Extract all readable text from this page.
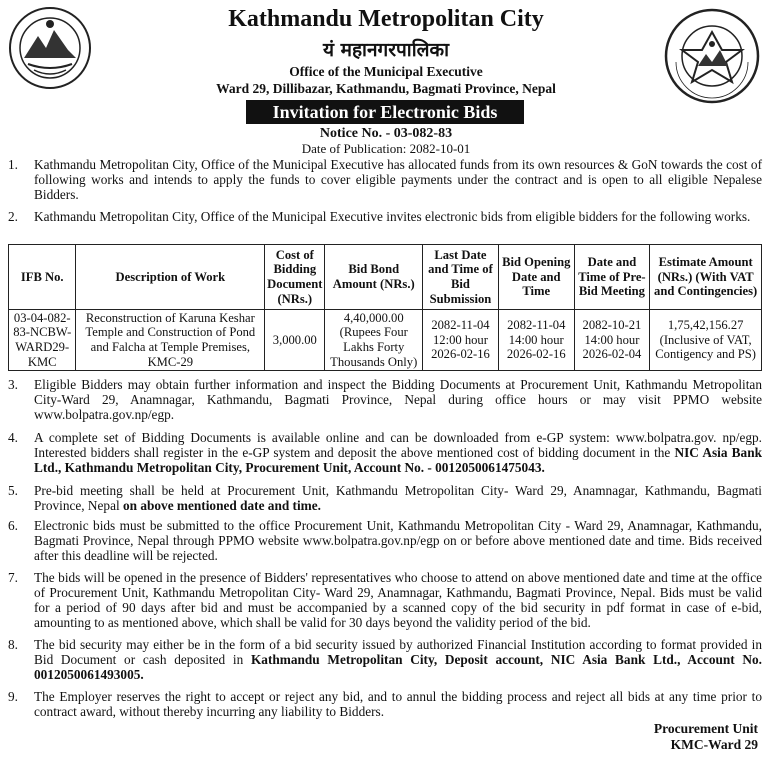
Kathmandu Metropolitan City
यं महानगरपालिका
Office of the Municipal Executive
Ward 29, Dillibazar, Kathmandu, Bagmati Province, Nepal
Invitation for Electronic Bids
Notice No. - 03-082-83
Date of Publication: 2082-10-01
1.	Kathmandu Metropolitan City, Office of the Municipal Executive has allocated funds from its own resources & GoN towards the cost of following works and intends to apply the funds to cover eligible payments under the contract and is open to all eligible Nepalese Bidders.
2.	Kathmandu Metropolitan City, Office of the Municipal Executive invites electronic bids from eligible bidders for the following works.
IFB No.	Description of Work	Cost of Bidding Document (NRs.)	Bid Bond Amount (NRs.)	Last Date and Time of Bid Submission	Bid Opening Date and Time	Date and Time of Pre-Bid Meeting	Estimate Amount (NRs.) (With VAT and Contingencies)
03-04-082-83-NCBW-WARD29-KMC	Reconstruction of Karuna Keshar Temple and Construction of Pond and Falcha at Temple Premises, KMC-29	3,000.00	4,40,000.00 (Rupees Four Lakhs Forty Thousands Only)	2082-11-04 12:00 hour 2026-02-16	2082-11-04 14:00 hour 2026-02-16	2082-10-21 14:00 hour 2026-02-04	1,75,42,156.27 (Inclusive of VAT, Contigency and PS)
3.	Eligible Bidders may obtain further information and inspect the Bidding Documents at Procurement Unit, Kathmandu Metropolitan City-Ward 29, Anamnagar, Kathmandu, Bagmati Province, Nepal during office hours or may visit PPMO website www.bolpatra.gov.np/egp.
4.	A complete set of Bidding Documents is available online and can be downloaded from e-GP system: www.bolpatra.gov. np/egp. Interested bidders shall register in the e-GP system and deposit the above mentioned cost of bidding document in the NIC Asia Bank Ltd., Kathmandu Metropolitan City, Procurement Unit, Account No. - 0012050061475043.
5.	Pre-bid meeting shall be held at Procurement Unit, Kathmandu Metropolitan City- Ward 29, Anamnagar, Kathmandu, Bagmati Province, Nepal on above mentioned date and time.
6.	Electronic bids must be submitted to the office Procurement Unit, Kathmandu Metropolitan City - Ward 29, Anamnagar, Kathmandu, Bagmati Province, Nepal through PPMO website www.bolpatra.gov.np/egp on or before above mentioned date and time. Bids received after this deadline will be rejected.
7.	The bids will be opened in the presence of Bidders' representatives who choose to attend on above mentioned date and time at the office of Procurement Unit, Kathmandu Metropolitan City- Ward 29, Anamnagar, Kathmandu, Bagmati Province, Nepal. Bids must be valid for a period of 90 days after bid and must be accompanied by a scanned copy of the bid security in pdf format in case of e-bid, amounting to as mentioned above, which shall be valid for 30 days beyond the validity period of the bid.
8.	The bid security may either be in the form of a bid security issued by authorized Financial Institution according to format provided in Bid Document or cash deposited in Kathmandu Metropolitan City, Deposit account, NIC Asia Bank Ltd., Account No. 0012050061493005.
9.	The Employer reserves the right to accept or reject any bid, and to annul the bidding process and reject all bids at any time prior to contract award, without thereby incurring any liability to Bidders.
Procurement Unit
KMC-Ward 29
